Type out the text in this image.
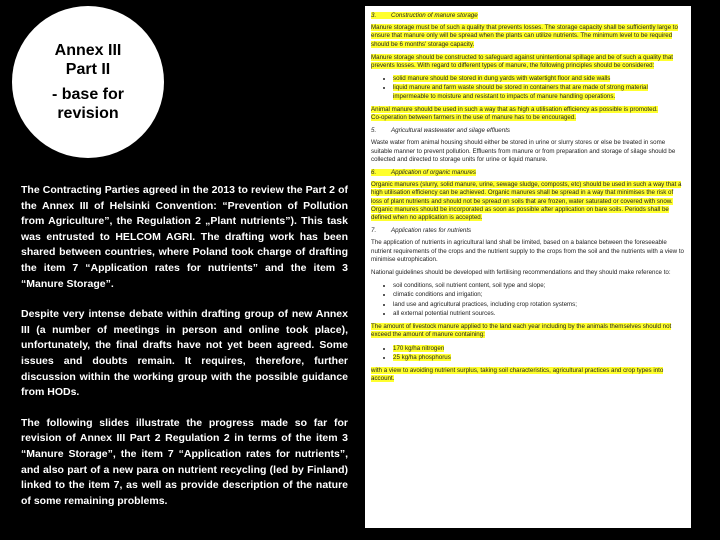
Annex III
Part II
- base for revision

The Contracting Parties agreed in the 2013 to review the Part 2 of the Annex III of Helsinki Convention: “Prevention of Pollution from Agriculture”, the Regulation 2 „Plant nutrients”). This task was entrusted to HELCOM AGRI. The drafting work has been shared between countries, where Poland took charge of drafting the item 7 “Application rates for nutrients” and the item 3 “Manure Storage”.

Despite very intense debate within drafting group of new Annex III (a number of meetings in person and online took place), unfortunately, the final drafts have not yet been agreed. Some issues and doubts remain. It requires, therefore, further discussion within the working group with the possible guidance from HODs.

The following slides illustrate the progress made so far for revision of Annex III Part 2 Regulation 2 in terms of the item 3 “Manure Storage”, the item 7 “Application rates for nutrients”, and also part of a new para on nutrient recycling (led by Finland) linked to the item 7, as well as provide description of the nature of some remaining problems.

3. Construction of manure storage

Manure storage must be of such a quality that prevents losses. The storage capacity shall be sufficiently large to ensure that manure only will be spread when the plants can utilize nutrients. The minimum level to be required should be 6 months' storage capacity.

Manure storage should be constructed to safeguard against unintentional spillage and be of such a quality that prevents losses. With regard to different types of manure, the following principles should be considered:

• solid manure should be stored in dung yards with watertight floor and side walls
• liquid manure and farm waste should be stored in containers that are made of strong material impermeable to moisture and resistant to impacts of manure handling operations.

Animal manure should be used in such a way that as high a utilisation efficiency as possible is promoted.

Co-operation between farmers in the use of manure has to be encouraged.

5. Agricultural wastewater and silage effluents

Waste water from animal housing should either be stored in urine or slurry stores or else be treated in some suitable manner to prevent pollution. Effluents from manure or from preparation and storage of silage should be collected and directed to storage units for urine or liquid manure.

6. Application of organic manures

Organic manures (slurry, solid manure, urine, sewage sludge, composts, etc) should be used in such a way that a high utilisation efficiency can be achieved. Organic manures shall be spread in a way that minimises the risk of loss of plant nutrients and should not be spread on soils that are frozen, water saturated or covered with snow. Organic manures should be incorporated as soon as possible after application on bare soils. Periods shall be defined when no application is accepted.

7. Application rates for nutrients

The application of nutrients in agricultural land shall be limited, based on a balance between the foreseeable nutrient requirements of the crops and the nutrient supply to the crops from the soil and the nutrients with a view to minimise eutrophication.

National guidelines should be developed with fertilising recommendations and they should make reference to:

• soil conditions, soil nutrient content, soil type and slope;
• climatic conditions and irrigation;
• land use and agricultural practices, including crop rotation systems;
• all external potential nutrient sources.

The amount of livestock manure applied to the land each year including by the animals themselves should not exceed the amount of manure containing:

• 170 kg/ha nitrogen
• 25 kg/ha phosphorus

with a view to avoiding nutrient surplus, taking soil characteristics, agricultural practices and crop types into account.
